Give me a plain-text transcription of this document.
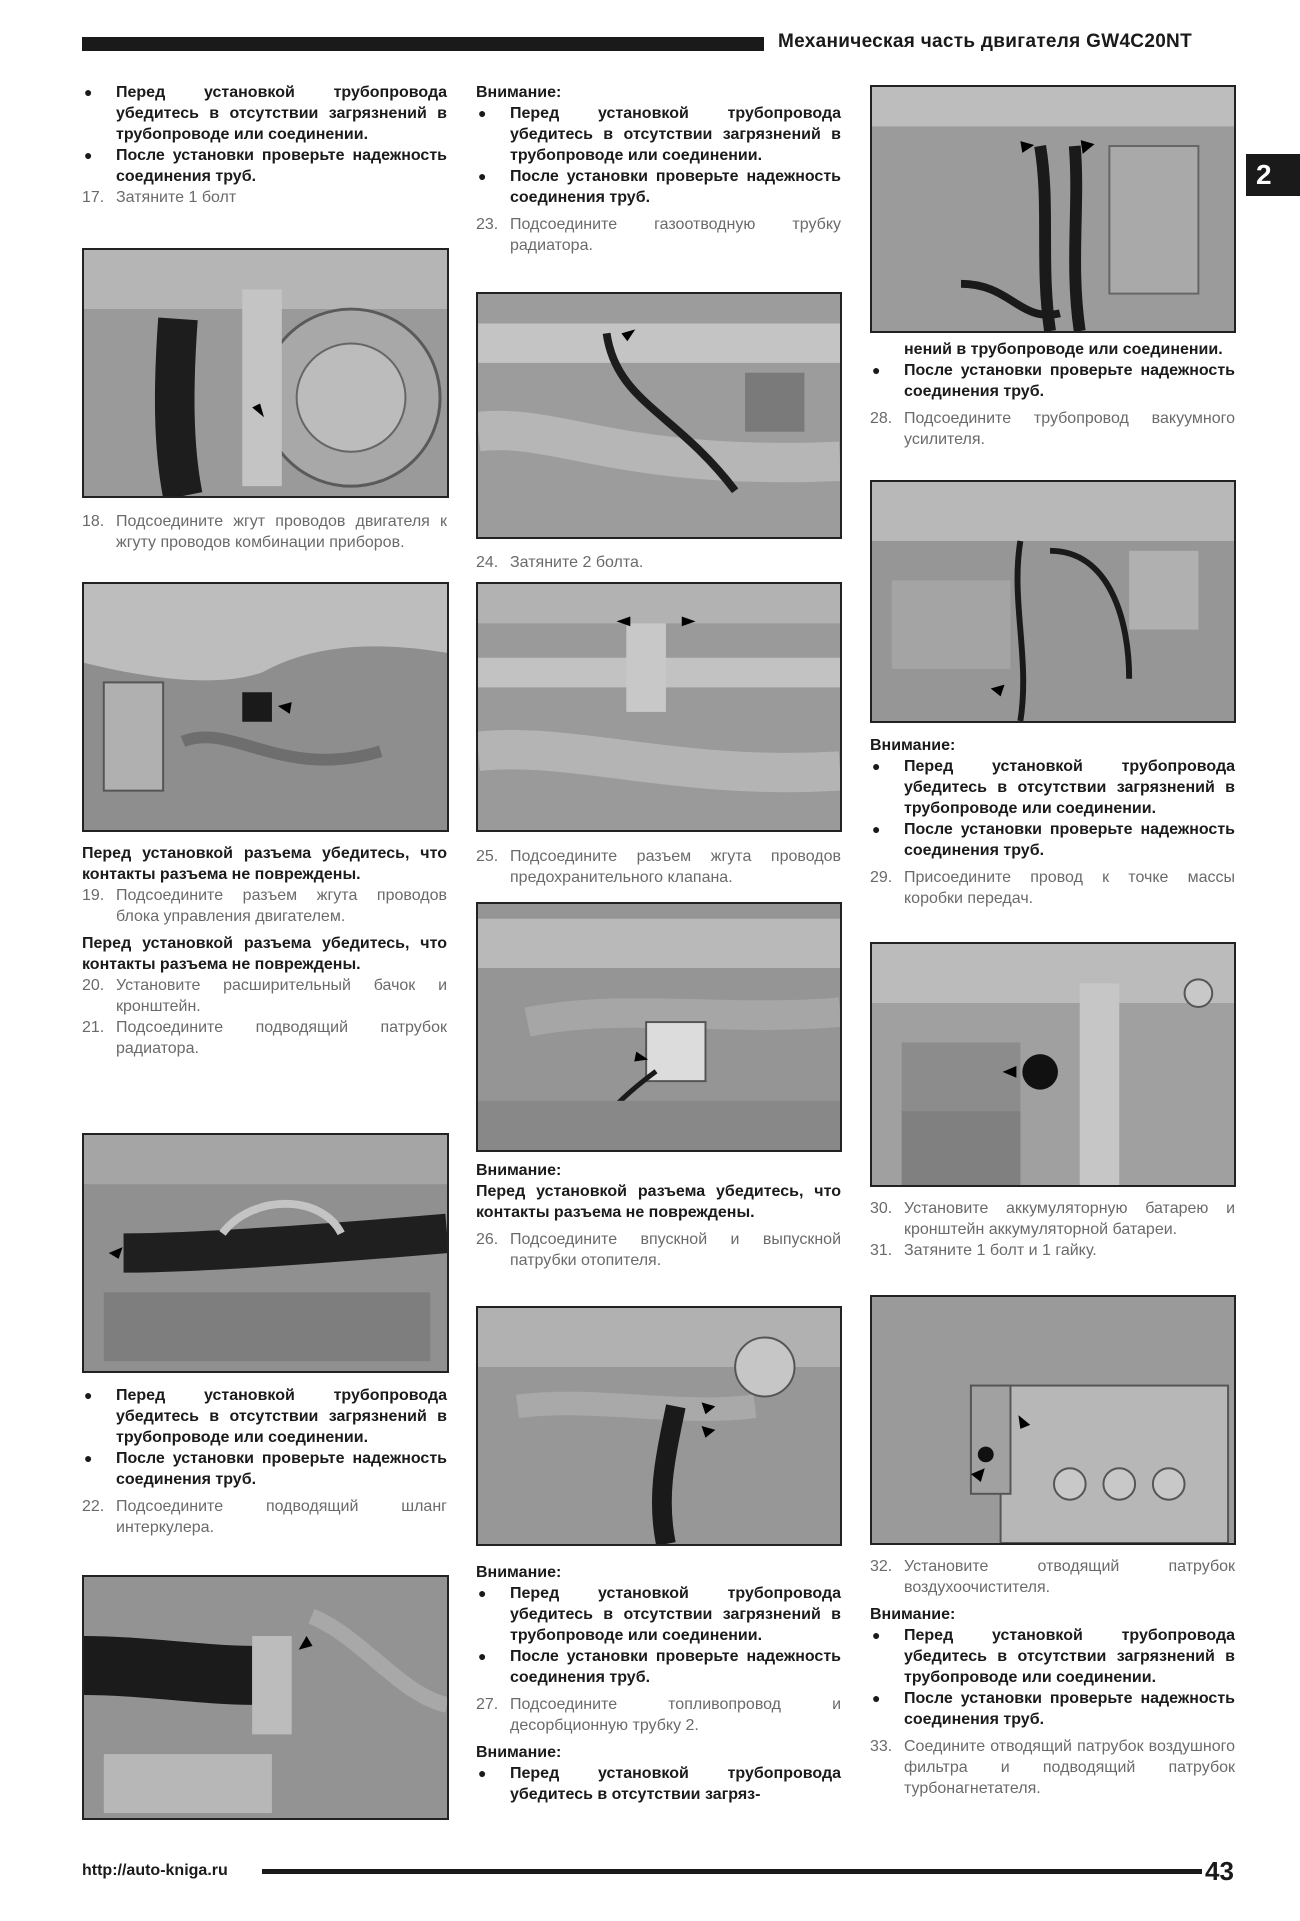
Механическая часть двигателя GW4C20NT
2

● Перед установкой трубопровода убедитесь в отсутствии загрязнений в трубопроводе или соединении.

● После установки проверьте надежность соединения труб.

17. Затяните 1 болт

18. Подсоедините жгут проводов двигателя к жгуту проводов комбинации приборов.

Перед установкой разъема убедитесь, что контакты разъема не повреждены.

19. Подсоедините разъем жгута проводов блока управления двигателем.

Перед установкой разъема убедитесь, что контакты разъема не повреждены.

20. Установите расширительный бачок и кронштейн.

21. Подсоедините подводящий патрубок радиатора.

● Перед установкой трубопровода убедитесь в отсутствии загрязнений в трубопроводе или соединении.

● После установки проверьте надежность соединения труб.

22. Подсоедините подводящий шланг интеркулера.

Внимание:

● Перед установкой трубопровода убедитесь в отсутствии загрязнений в трубопроводе или соединении.

● После установки проверьте надежность соединения труб.

23. Подсоедините газоотводную трубку радиатора.

24. Затяните 2 болта.

25. Подсоедините разъем жгута проводов предохранительного клапана.

Внимание:

Перед установкой разъема убедитесь, что контакты разъема не повреждены.

26. Подсоедините впускной и выпускной патрубки отопителя.

Внимание:

● Перед установкой трубопровода убедитесь в отсутствии загрязнений в трубопроводе или соединении.

● После установки проверьте надежность соединения труб.

27. Подсоедините топливопровод и десорбционную трубку 2.

Внимание:

● Перед установкой трубопровода убедитесь в отсутствии загряз-

нений в трубопроводе или соединении.

● После установки проверьте надежность соединения труб.

28. Подсоедините трубопровод вакуумного усилителя.

Внимание:

● Перед установкой трубопровода убедитесь в отсутствии загрязнений в трубопроводе или соединении.

● После установки проверьте надежность соединения труб.

29. Присоедините провод к точке массы коробки передач.

30. Установите аккумуляторную батарею и кронштейн аккумуляторной батареи.

31. Затяните 1 болт и 1 гайку.

32. Установите отводящий патрубок воздухоочистителя.

Внимание:

● Перед установкой трубопровода убедитесь в отсутствии загрязнений в трубопроводе или соединении.

● После установки проверьте надежность соединения труб.

33. Соедините отводящий патрубок воздушного фильтра и подводящий патрубок турбонагнетателя.

http://auto-kniga.ru	43
